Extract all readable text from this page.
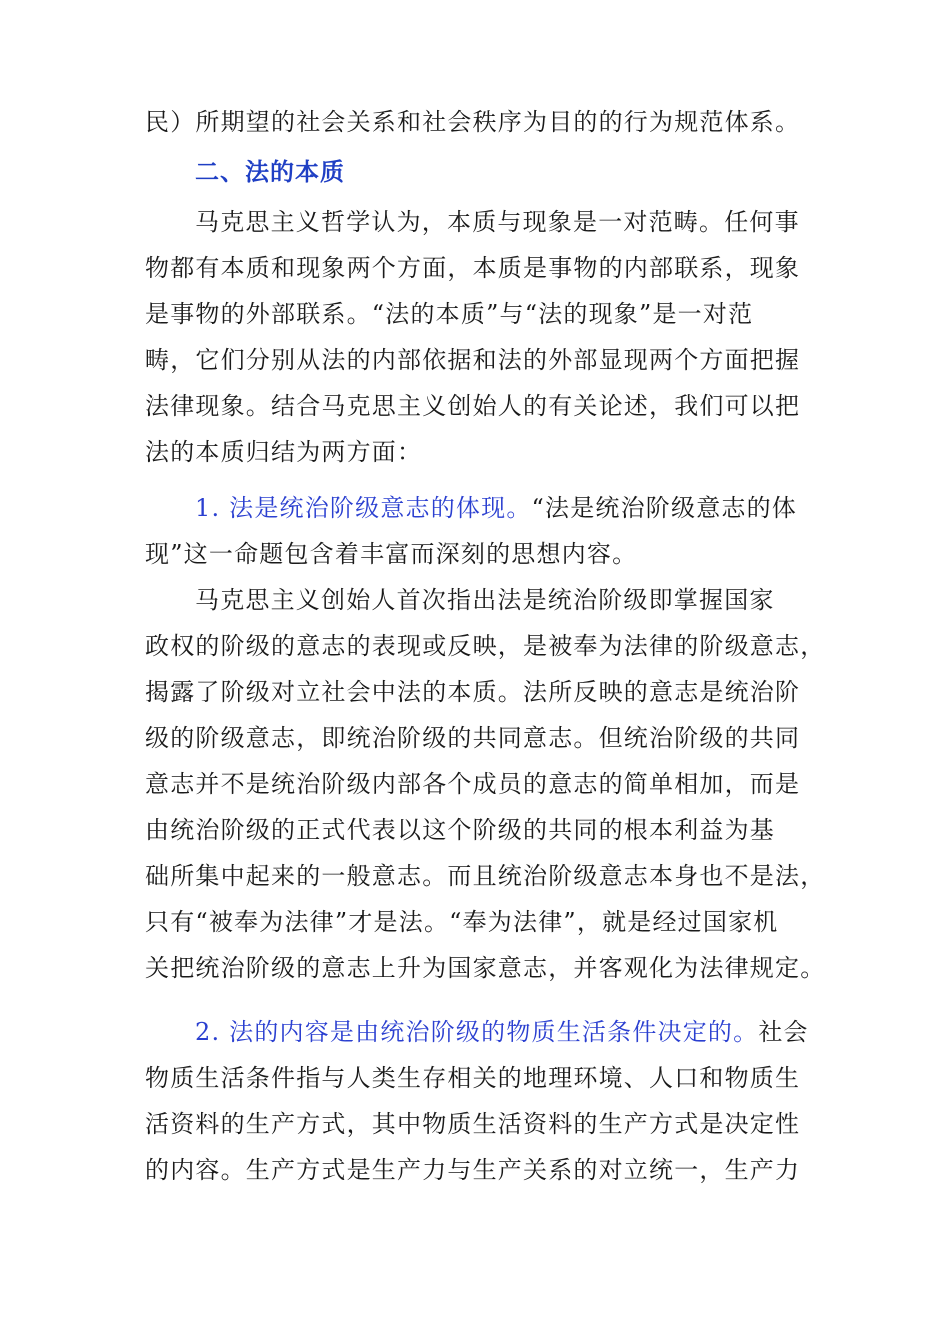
民）所期望的社会关系和社会秩序为目的的行为规范体系。
二、法的本质
马克思主义哲学认为，本质与现象是一对范畴。任何事
物都有本质和现象两个方面，本质是事物的内部联系，现象
是事物的外部联系。“法的本质”与“法的现象”是一对范
畴，它们分别从法的内部依据和法的外部显现两个方面把握
法律现象。结合马克思主义创始人的有关论述，我们可以把
法的本质归结为两方面：
1. 法是统治阶级意志的体现。“法是统治阶级意志的体
现”这一命题包含着丰富而深刻的思想内容。
马克思主义创始人首次指出法是统治阶级即掌握国家
政权的阶级的意志的表现或反映，是被奉为法律的阶级意志，
揭露了阶级对立社会中法的本质。法所反映的意志是统治阶
级的阶级意志，即统治阶级的共同意志。但统治阶级的共同
意志并不是统治阶级内部各个成员的意志的简单相加，而是
由统治阶级的正式代表以这个阶级的共同的根本利益为基
础所集中起来的一般意志。而且统治阶级意志本身也不是法，
只有“被奉为法律”才是法。“奉为法律”，就是经过国家机
关把统治阶级的意志上升为国家意志，并客观化为法律规定。
2. 法的内容是由统治阶级的物质生活条件决定的。社会
物质生活条件指与人类生存相关的地理环境、人口和物质生
活资料的生产方式，其中物质生活资料的生产方式是决定性
的内容。生产方式是生产力与生产关系的对立统一，生产力
